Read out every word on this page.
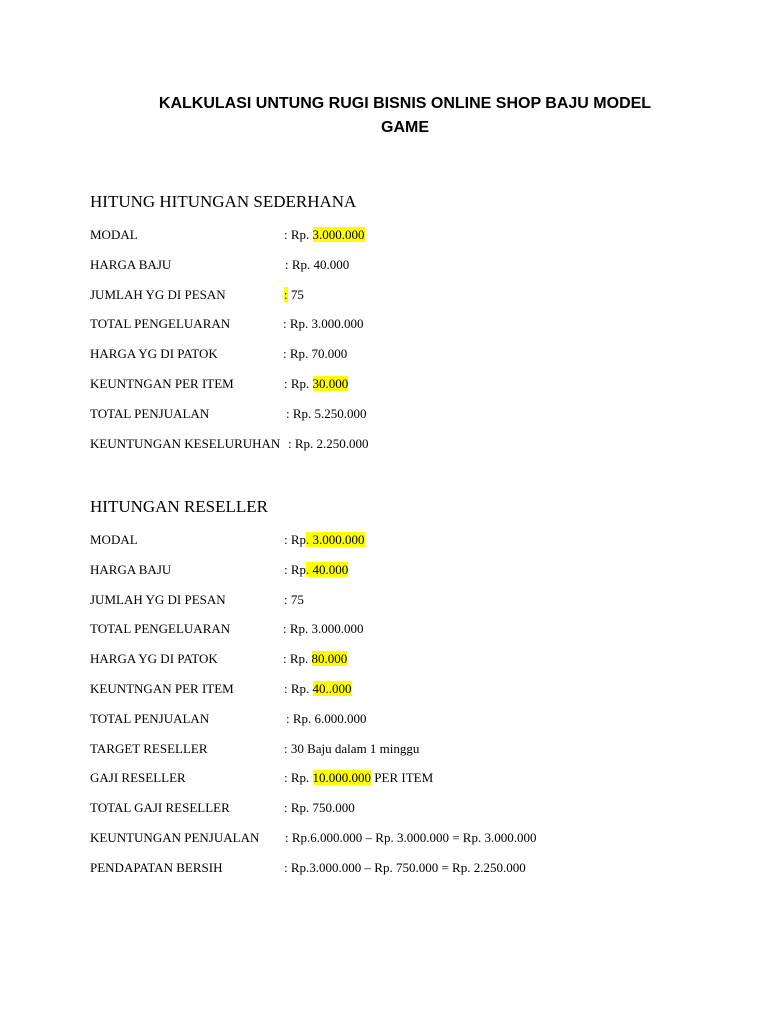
KALKULASI UNTUNG RUGI BISNIS ONLINE SHOP BAJU MODEL
GAME
HITUNG HITUNGAN SEDERHANA
MODAL	: Rp. 3.000.000
HARGA BAJU	: Rp. 40.000
JUMLAH YG DI PESAN	: 75
TOTAL PENGELUARAN	: Rp. 3.000.000
HARGA YG DI PATOK	: Rp. 70.000
KEUNTNGAN PER ITEM	: Rp. 30.000
TOTAL PENJUALAN	: Rp. 5.250.000
KEUNTUNGAN KESELURUHAN : Rp. 2.250.000
HITUNGAN RESELLER
MODAL	: Rp. 3.000.000
HARGA BAJU	: Rp. 40.000
JUMLAH YG DI PESAN	: 75
TOTAL PENGELUARAN	: Rp. 3.000.000
HARGA YG DI PATOK	: Rp. 80.000
KEUNTNGAN PER ITEM	: Rp. 40..000
TOTAL PENJUALAN	: Rp. 6.000.000
TARGET RESELLER	: 30 Baju dalam 1 minggu
GAJI RESELLER	: Rp. 10.000.000 PER ITEM
TOTAL GAJI RESELLER	: Rp. 750.000
KEUNTUNGAN PENJUALAN : Rp.6.000.000 – Rp. 3.000.000 = Rp. 3.000.000
PENDAPATAN BERSIH	: Rp.3.000.000 – Rp. 750.000 = Rp. 2.250.000
